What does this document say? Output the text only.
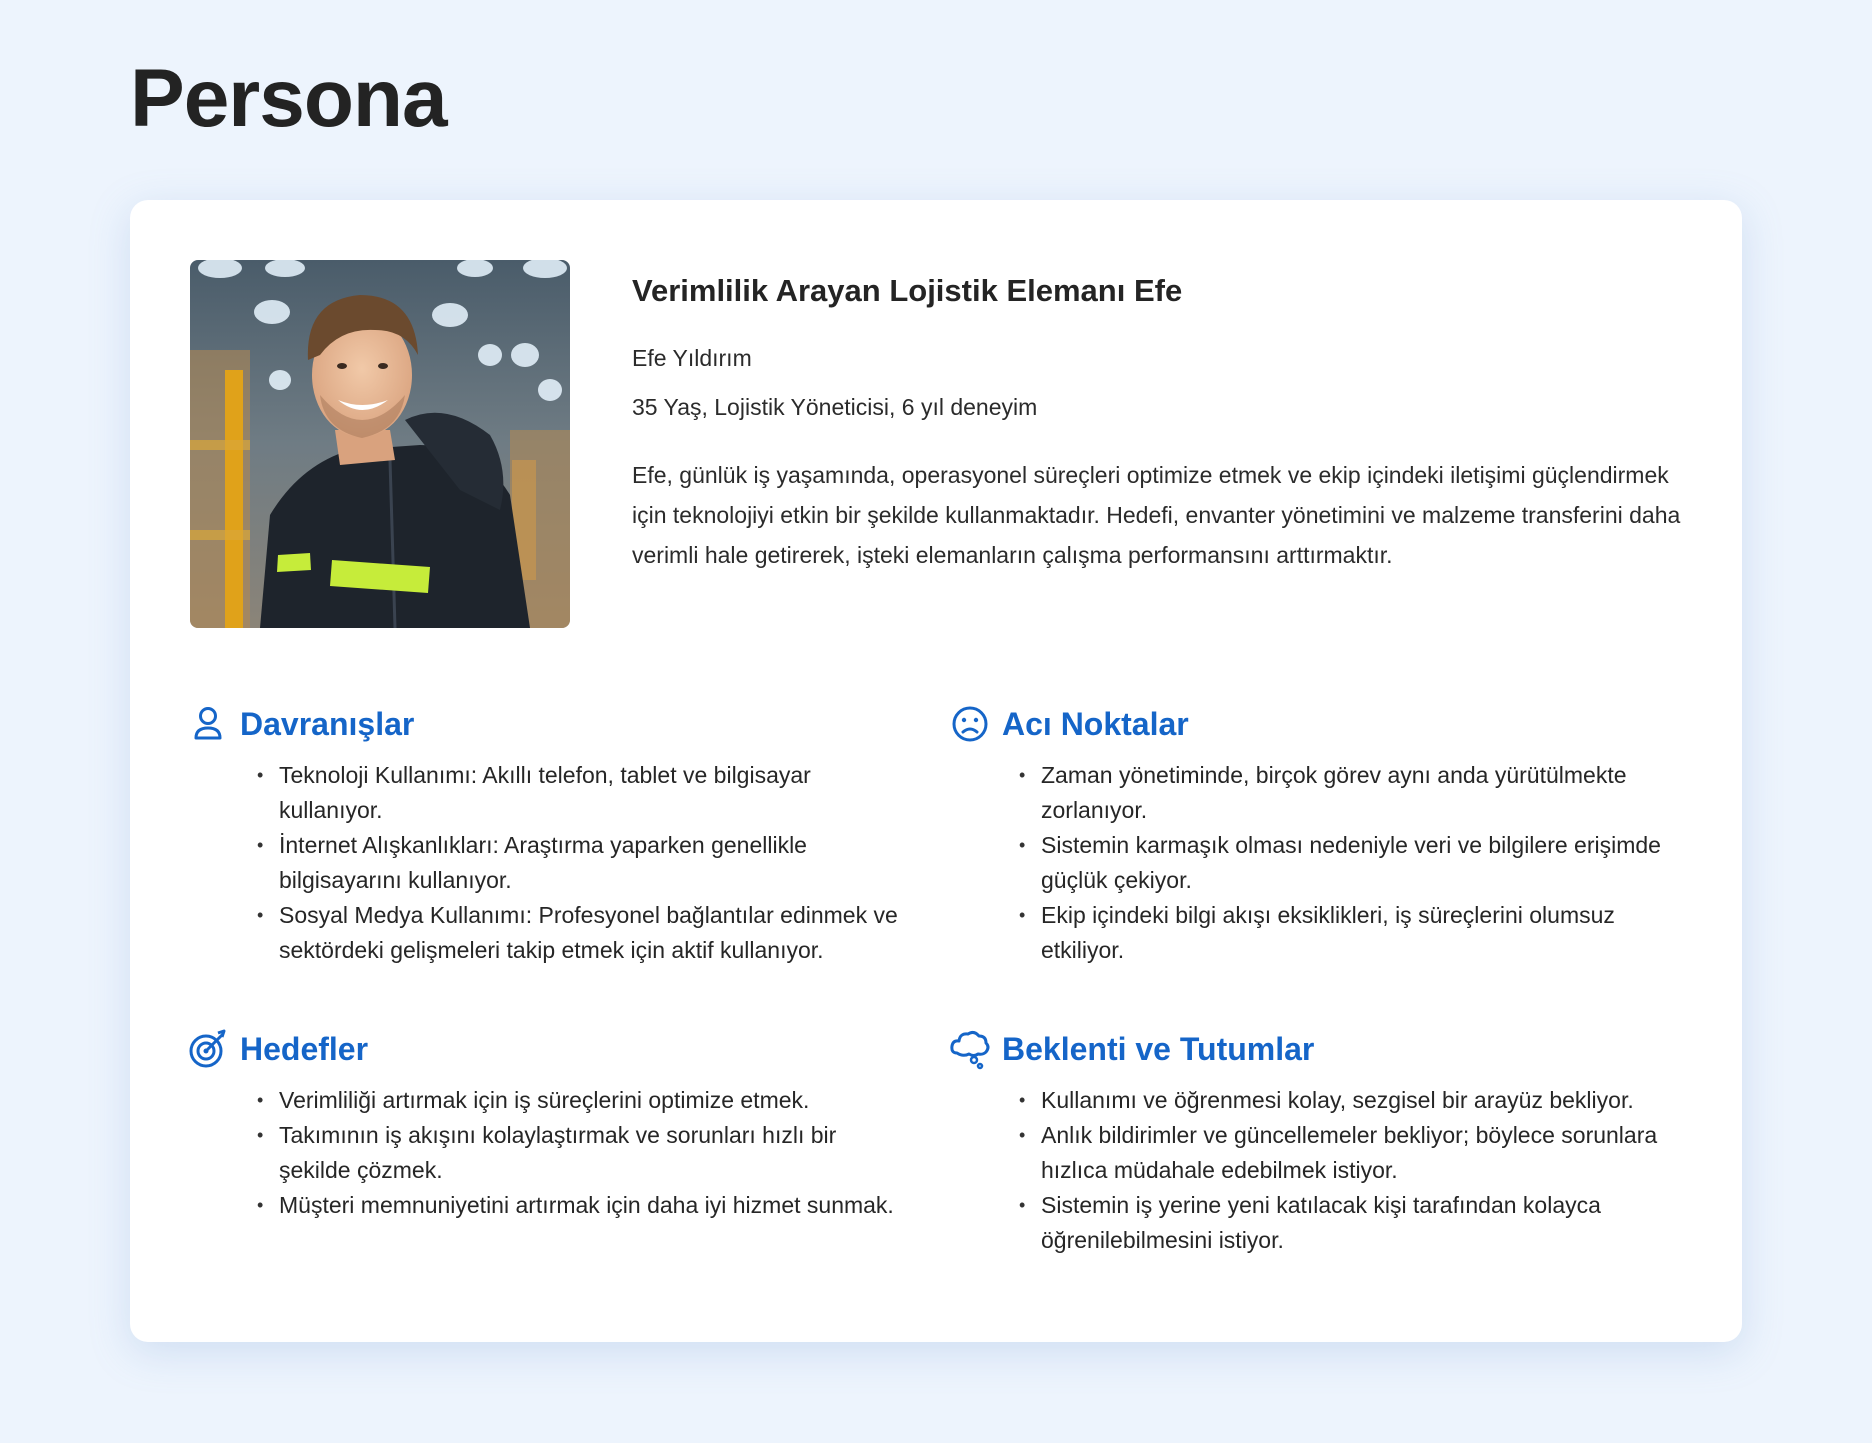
Persona
Verimlilik Arayan Lojistik Elemanı Efe
Efe Yıldırım
35 Yaş, Lojistik Yöneticisi, 6 yıl deneyim
Efe, günlük iş yaşamında, operasyonel süreçleri optimize etmek ve ekip içindeki iletişimi güçlendirmek için teknolojiyi etkin bir şekilde kullanmaktadır. Hedefi, envanter yönetimini ve malzeme transferini daha verimli hale getirerek, işteki elemanların çalışma performansını arttırmaktır.
Davranışlar
• Teknoloji Kullanımı: Akıllı telefon, tablet ve bilgisayar kullanıyor.
• İnternet Alışkanlıkları: Araştırma yaparken genellikle bilgisayarını kullanıyor.
• Sosyal Medya Kullanımı: Profesyonel bağlantılar edinmek ve sektördeki gelişmeleri takip etmek için aktif kullanıyor.
Acı Noktalar
• Zaman yönetiminde, birçok görev aynı anda yürütülmekte zorlanıyor.
• Sistemin karmaşık olması nedeniyle veri ve bilgilere erişimde güçlük çekiyor.
• Ekip içindeki bilgi akışı eksiklikleri, iş süreçlerini olumsuz etkiliyor.
Hedefler
• Verimliliği artırmak için iş süreçlerini optimize etmek.
• Takımının iş akışını kolaylaştırmak ve sorunları hızlı bir şekilde çözmek.
• Müşteri memnuniyetini artırmak için daha iyi hizmet sunmak.
Beklenti ve Tutumlar
• Kullanımı ve öğrenmesi kolay, sezgisel bir arayüz bekliyor.
• Anlık bildirimler ve güncellemeler bekliyor; böylece sorunlara hızlıca müdahale edebilmek istiyor.
• Sistemin iş yerine yeni katılacak kişi tarafından kolayca öğrenilebilmesini istiyor.
